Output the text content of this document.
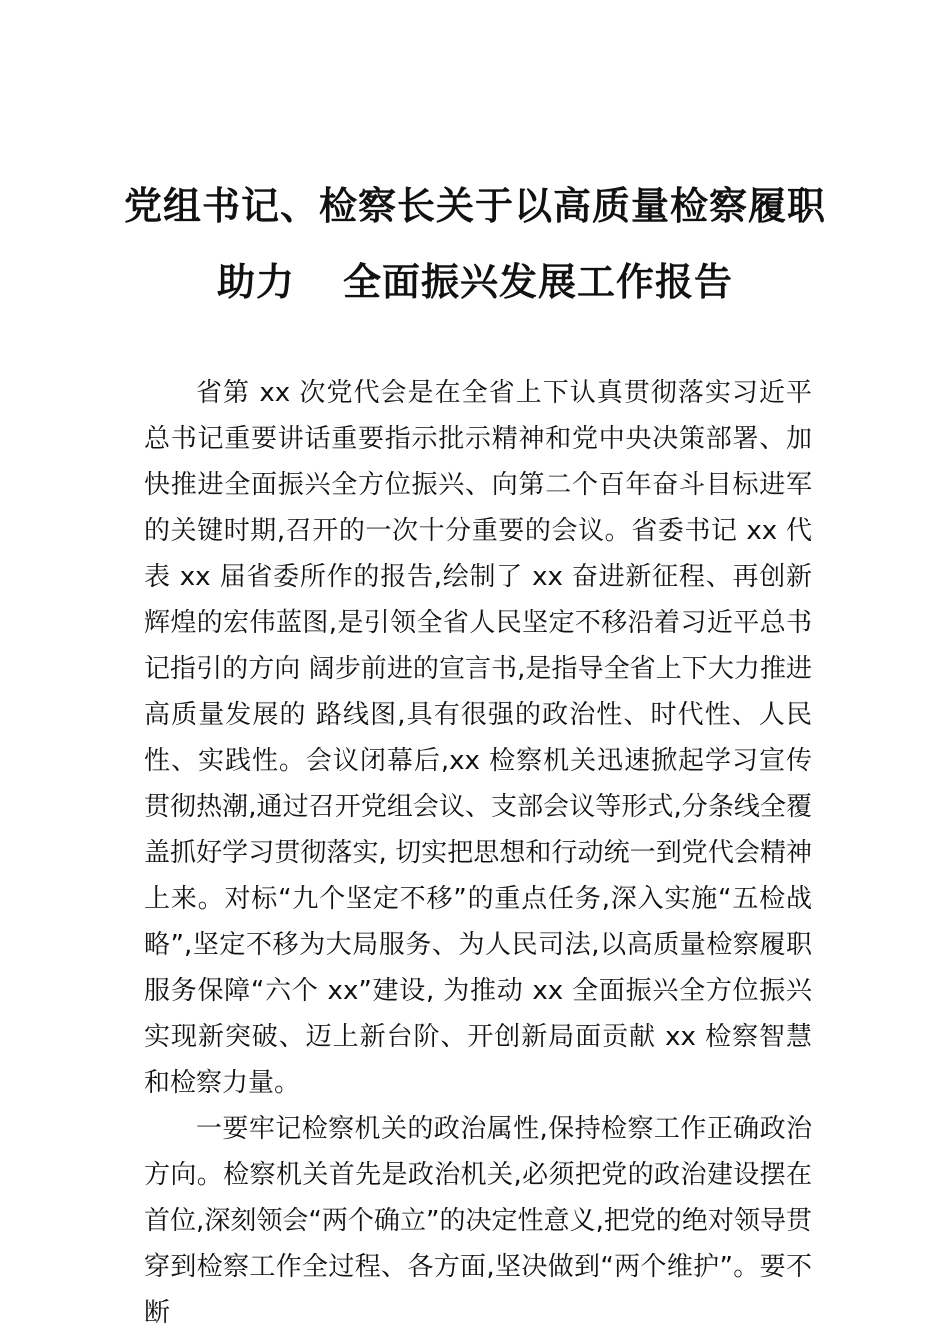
党组书记、检察长关于以高质量检察履职
助力 全面振兴发展工作报告

省第 xx 次党代会是在全省上下认真贯彻落实习近平总书记重要讲话重要指示批示精神和党中央决策部署、加快推进全面振兴全方位振兴、向第二个百年奋斗目标进军的关键时期,召开的一次十分重要的会议。省委书记 xx 代表 xx 届省委所作的报告,绘制了 xx 奋进新征程、再创新辉煌的宏伟蓝图,是引领全省人民坚定不移沿着习近平总书记指引的方向 阔步前进的宣言书,是指导全省上下大力推进高质量发展的 路线图,具有很强的政治性、时代性、人民性、实践性。会议闭幕后,xx 检察机关迅速掀起学习宣传贯彻热潮,通过召开党组会议、支部会议等形式,分条线全覆盖抓好学习贯彻落实, 切实把思想和行动统一到党代会精神上来。对标“九个坚定不移”的重点任务,深入实施“五检战略”,坚定不移为大局服务、为人民司法,以高质量检察履职服务保障“六个 xx”建设, 为推动 xx 全面振兴全方位振兴实现新突破、迈上新台阶、开创新局面贡献 xx 检察智慧和检察力量。

一要牢记检察机关的政治属性,保持检察工作正确政治方向。检察机关首先是政治机关,必须把党的政治建设摆在首位,深刻领会“两个确立”的决定性意义,把党的绝对领导贯穿到检察工作全过程、各方面,坚决做到“两个维护”。要不断
